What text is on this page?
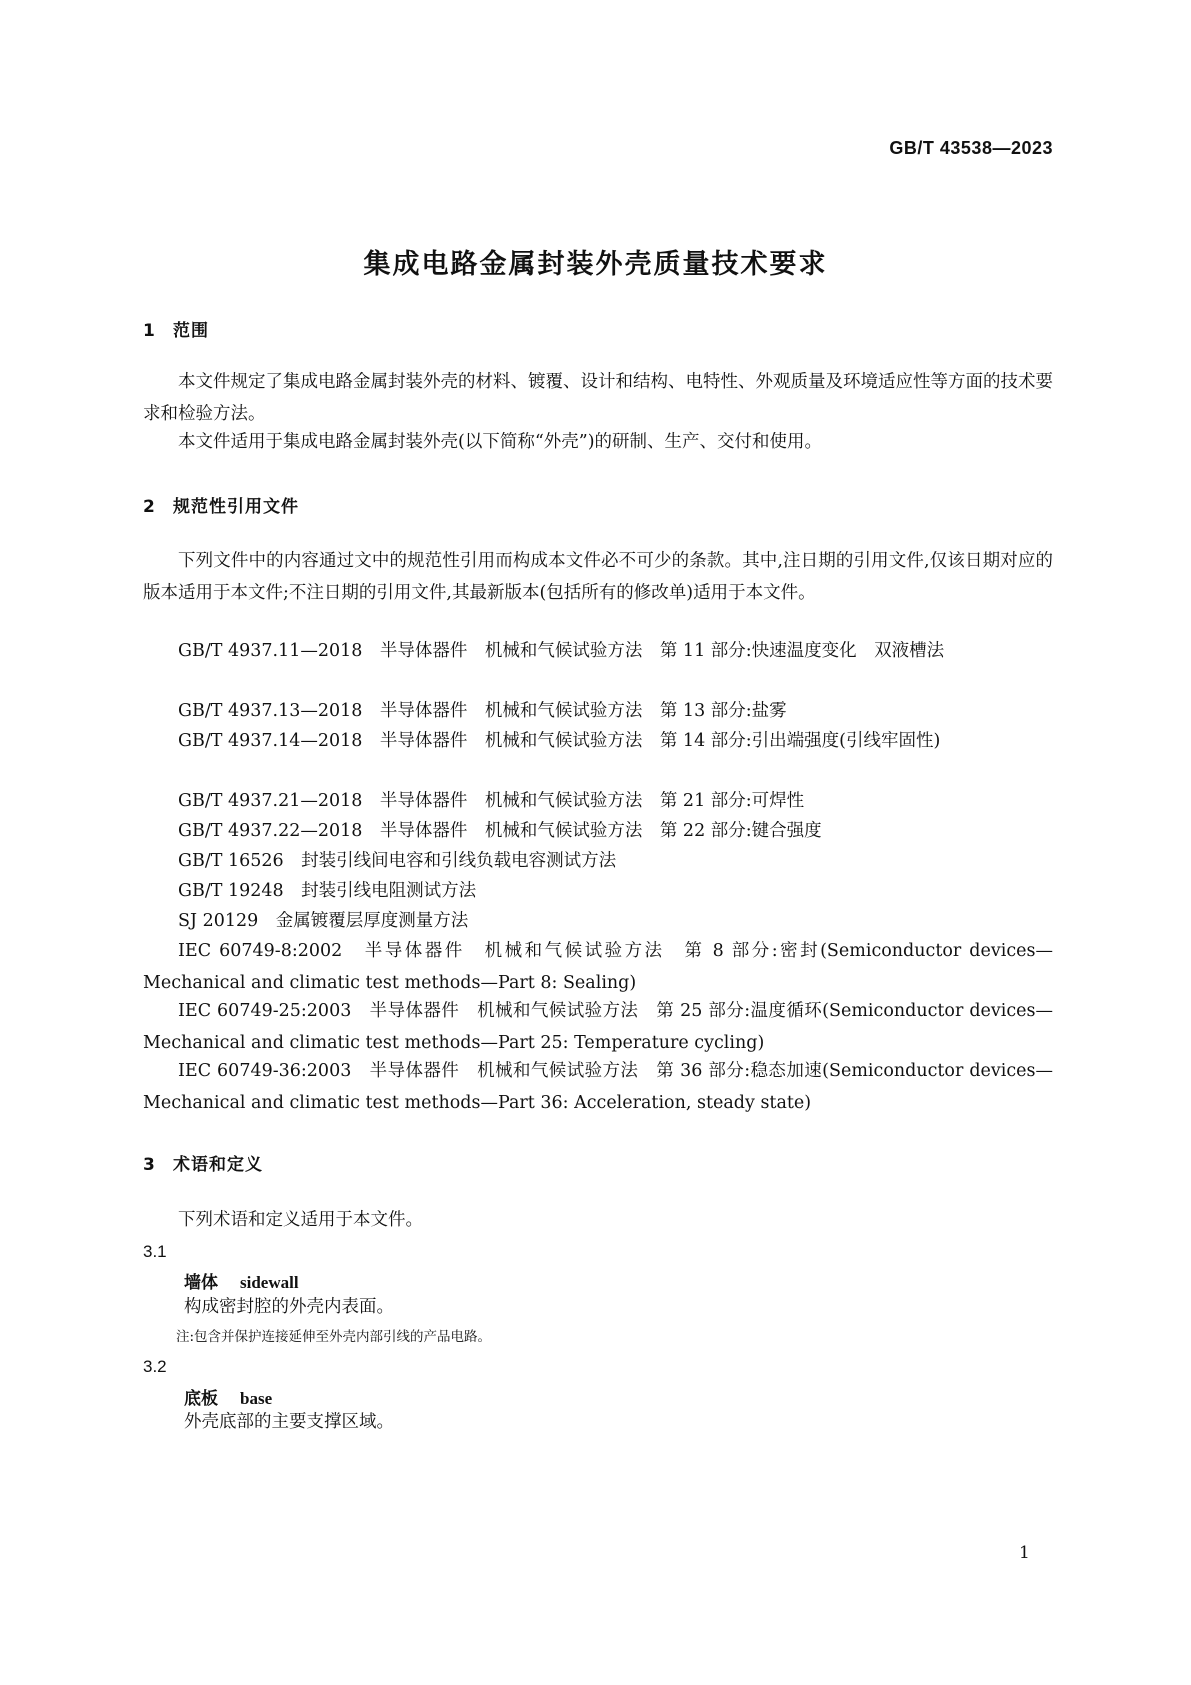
GB/T 43538—2023
集成电路金属封装外壳质量技术要求
1 范围
本文件规定了集成电路金属封装外壳的材料、镀覆、设计和结构、电特性、外观质量及环境适应性等方面的技术要求和检验方法。
本文件适用于集成电路金属封装外壳(以下简称“外壳”)的研制、生产、交付和使用。
2 规范性引用文件
下列文件中的内容通过文中的规范性引用而构成本文件必不可少的条款。其中,注日期的引用文件,仅该日期对应的版本适用于本文件;不注日期的引用文件,其最新版本(包括所有的修改单)适用于本文件。
GB/T 4937.11—2018　半导体器件　机械和气候试验方法　第 11 部分:快速温度变化　双液槽法
GB/T 4937.13—2018　半导体器件　机械和气候试验方法　第 13 部分:盐雾
GB/T 4937.14—2018　半导体器件　机械和气候试验方法　第 14 部分:引出端强度(引线牢固性)
GB/T 4937.21—2018　半导体器件　机械和气候试验方法　第 21 部分:可焊性
GB/T 4937.22—2018　半导体器件　机械和气候试验方法　第 22 部分:键合强度
GB/T 16526　封装引线间电容和引线负载电容测试方法
GB/T 19248　封装引线电阻测试方法
SJ 20129　金属镀覆层厚度测量方法
IEC 60749-8:2002　半导体器件　机械和气候试验方法　第 8 部分:密封(Semiconductor devices—Mechanical and climatic test methods—Part 8: Sealing)
IEC 60749-25:2003　半导体器件　机械和气候试验方法　第 25 部分:温度循环(Semiconductor devices—Mechanical and climatic test methods—Part 25: Temperature cycling)
IEC 60749-36:2003　半导体器件　机械和气候试验方法　第 36 部分:稳态加速(Semiconductor devices—Mechanical and climatic test methods—Part 36: Acceleration, steady state)
3 术语和定义
下列术语和定义适用于本文件。
3.1
墙体 sidewall
构成密封腔的外壳内表面。
注:包含并保护连接延伸至外壳内部引线的产品电路。
3.2
底板 base
外壳底部的主要支撑区域。
1
